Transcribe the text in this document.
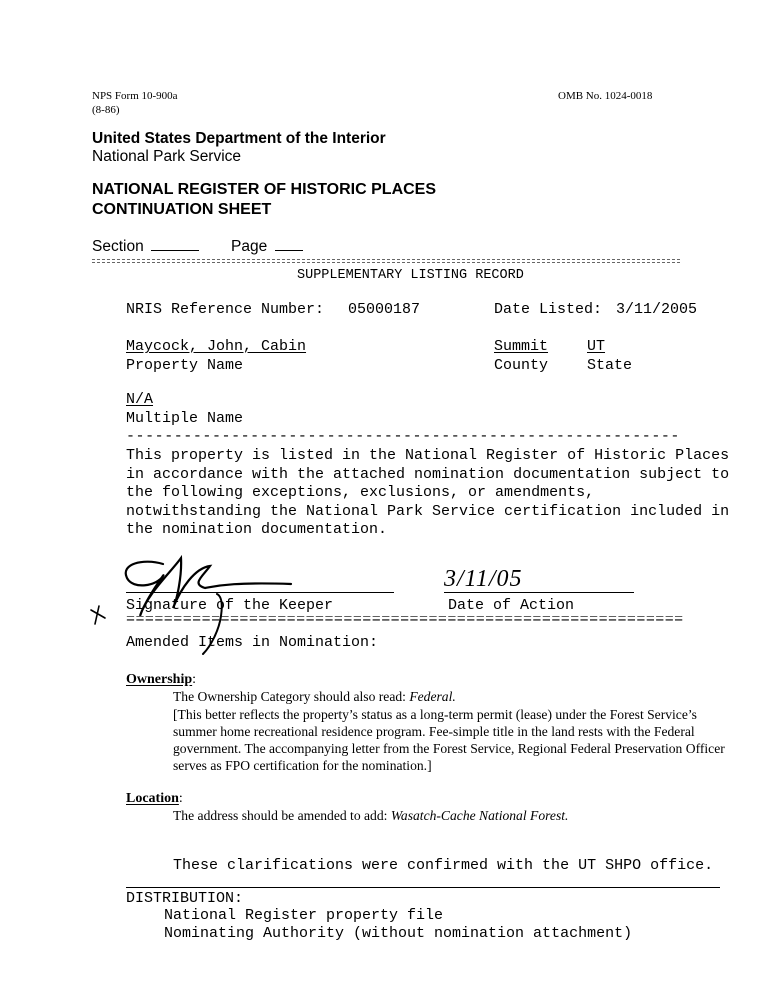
NPS Form 10-900a
(8-86)
OMB No. 1024-0018
United States Department of the Interior
National Park Service
NATIONAL REGISTER OF HISTORIC PLACES
CONTINUATION SHEET
Section	Page
SUPPLEMENTARY LISTING RECORD
NRIS Reference Number: 05000187	Date Listed: 3/11/2005
Maycock, John, Cabin
Property Name
Summit
County
UT
State
N/A
Multiple Name
----------------------------------------------------------
This property is listed in the National Register of Historic Places in accordance with the attached nomination documentation subject to the following exceptions, exclusions, or amendments, notwithstanding the National Park Service certification included in the nomination documentation.
Signature of the Keeper
3/11/05
Date of Action
===========================================================
Amended Items in Nomination:
Ownership:
The Ownership Category should also read: Federal.
[This better reflects the property’s status as a long-term permit (lease) under the Forest Service’s summer home recreational residence program. Fee-simple title in the land rests with the Federal government. The accompanying letter from the Forest Service, Regional Federal Preservation Officer serves as FPO certification for the nomination.]
Location:
The address should be amended to add: Wasatch-Cache National Forest.
These clarifications were confirmed with the UT SHPO office.
DISTRIBUTION:
National Register property file
Nominating Authority (without nomination attachment)
